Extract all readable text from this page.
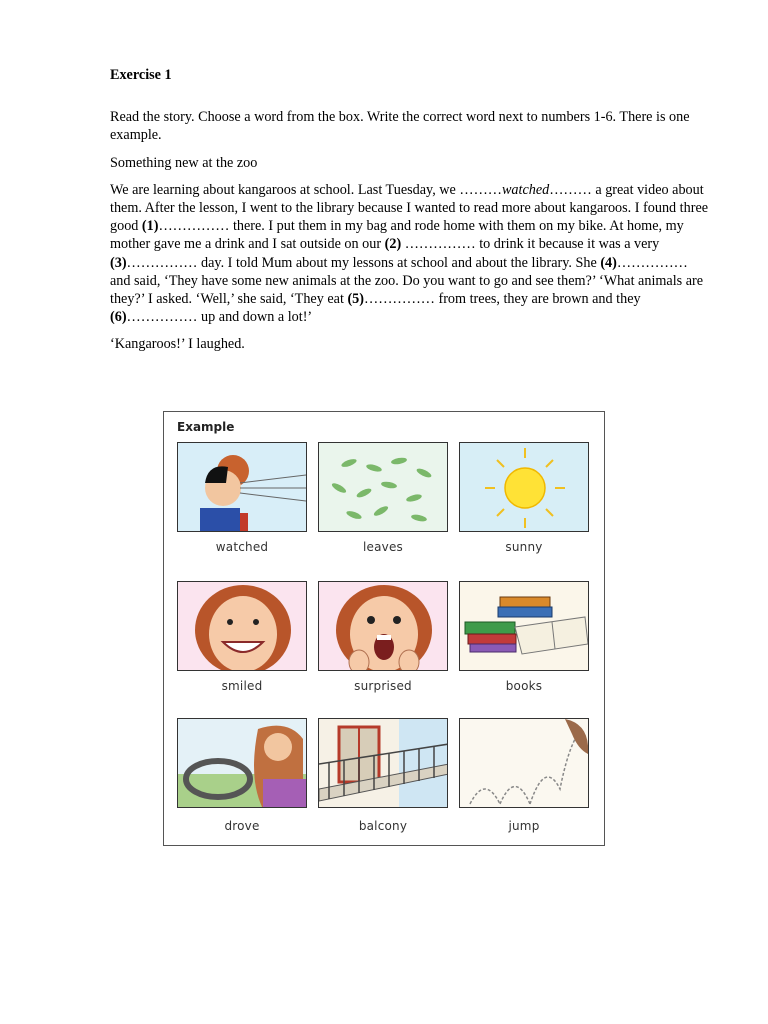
Exercise 1

Read the story. Choose a word from the box. Write the correct word next to numbers 1-6. There is one example.

Something new at the zoo

We are learning about kangaroos at school. Last Tuesday, we ………watched……… a great video about them. After the lesson, I went to the library because I wanted to read more about kangaroos. I found three good (1)…………… there. I put them in my bag and rode home with them on my bike. At home, my mother gave me a drink and I sat outside on our (2) …………… to drink it because it was a very (3)…………… day. I told Mum about my lessons at school and about the library. She (4)…………… and said, ‘They have some new animals at the zoo. Do you want to go and see them?’ ‘What animals are they?’ I asked. ‘Well,’ she said, ‘They eat (5)…………… from trees, they are brown and they (6)…………… up and down a lot!’

‘Kangaroos!’ I laughed.

Example
watched	leaves	sunny
smiled	surprised	books
drove	balcony	jump
